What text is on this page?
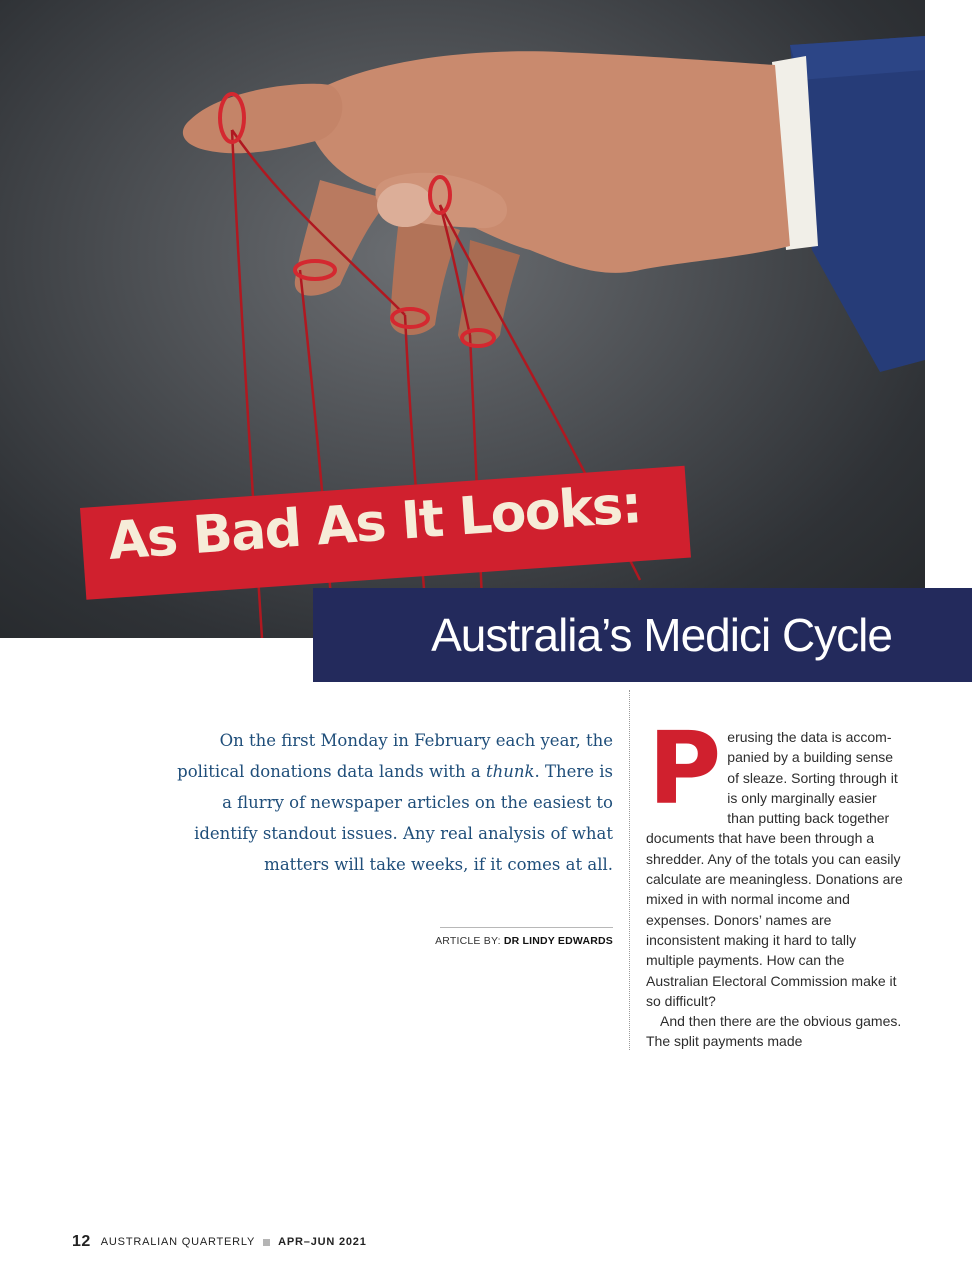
As Bad As It Looks:
Australia’s Medici Cycle
On the first Monday in February each year, the political donations data lands with a thunk. There is a flurry of newspaper articles on the easiest to identify standout issues. Any real analysis of what matters will take weeks, if it comes at all.
ARTICLE BY: DR LINDY EDWARDS
P erusing the data is accompanied by a building sense of sleaze. Sorting through it is only marginally easier than putting back together documents that have been through a shredder. Any of the totals you can easily calculate are meaningless. Donations are mixed in with normal income and expenses. Donors’ names are inconsistent making it hard to tally multiple payments. How can the Australian Electoral Commission make it so difficult?

And then there are the obvious games. The split payments made

12 AUSTRALIAN QUARTERLY APR–JUN 2021
